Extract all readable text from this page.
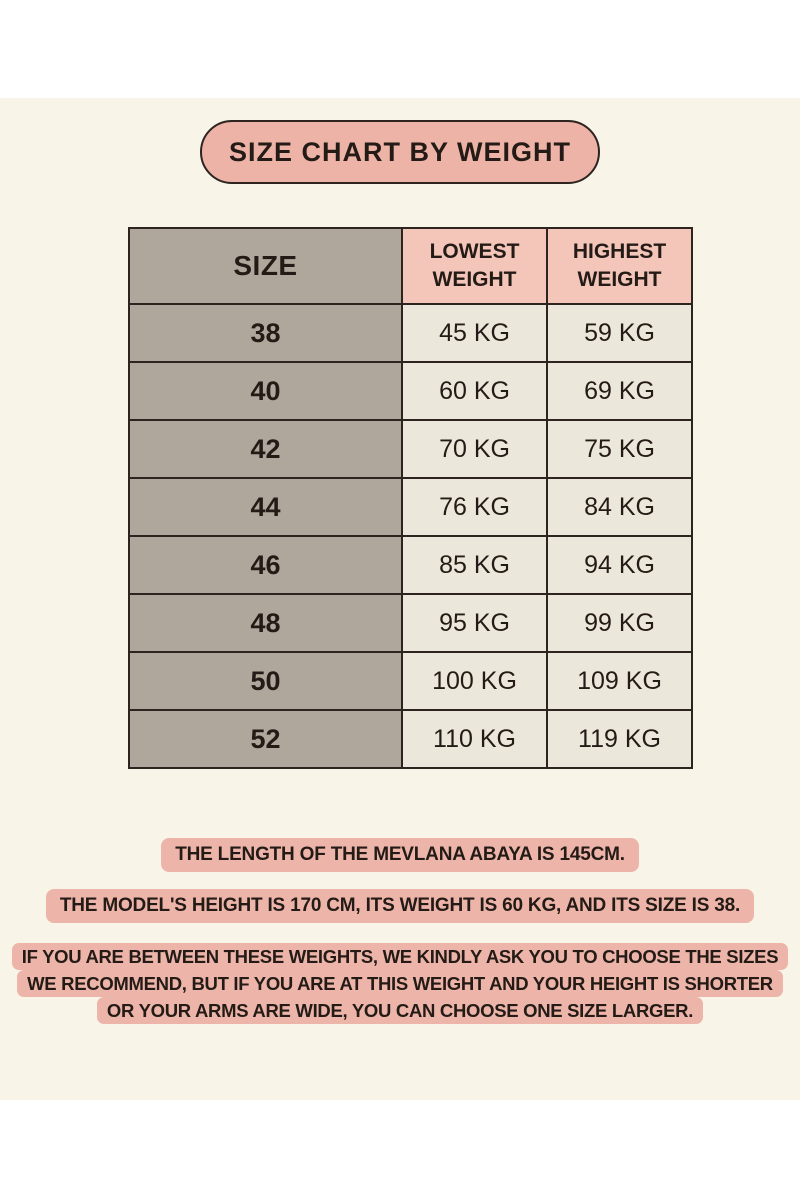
SIZE CHART BY WEIGHT
SIZE	LOWEST WEIGHT	HIGHEST WEIGHT
38	45 KG	59 KG
40	60 KG	69 KG
42	70 KG	75 KG
44	76 KG	84 KG
46	85 KG	94 KG
48	95 KG	99 KG
50	100 KG	109 KG
52	110 KG	119 KG
THE LENGTH OF THE MEVLANA ABAYA IS 145CM.
THE MODEL'S HEIGHT IS 170 CM, ITS WEIGHT IS 60 KG, AND ITS SIZE IS 38.
IF YOU ARE BETWEEN THESE WEIGHTS, WE KINDLY ASK YOU TO CHOOSE THE SIZES
WE RECOMMEND, BUT IF YOU ARE AT THIS WEIGHT AND YOUR HEIGHT IS SHORTER
OR YOUR ARMS ARE WIDE, YOU CAN CHOOSE ONE SIZE LARGER.
